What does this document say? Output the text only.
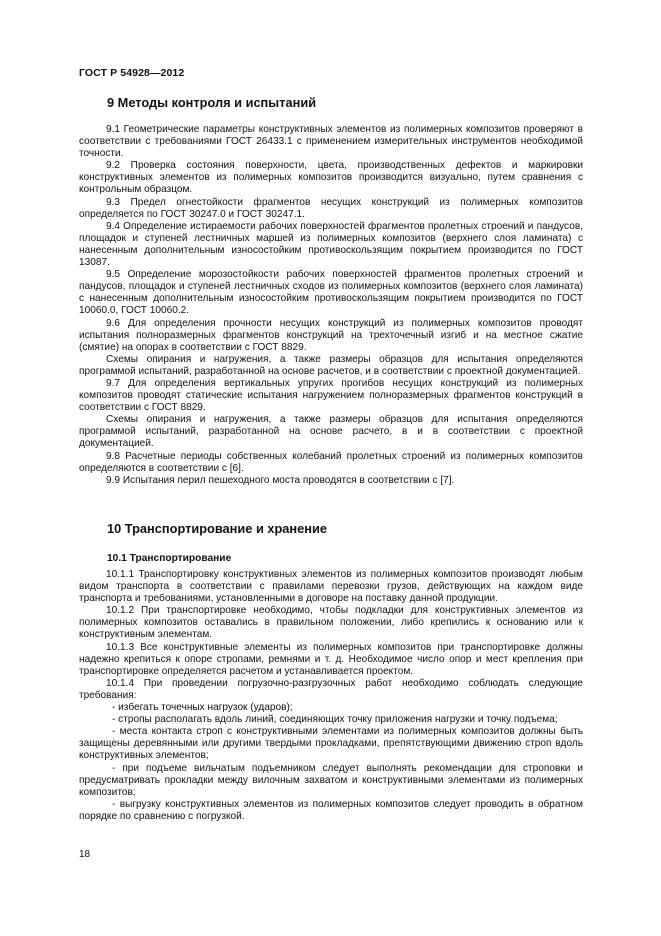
ГОСТ Р 54928—2012
9 Методы контроля и испытаний

9.1 Геометрические параметры конструктивных элементов из полимерных композитов проверяют в соответствии с требованиями ГОСТ 26433.1 с применением измерительных инструментов необходимой точности.

9.2 Проверка состояния поверхности, цвета, производственных дефектов и маркировки конструктивных элементов из полимерных композитов производится визуально, путем сравнения с контрольным образцом.

9.3 Предел огнестойкости фрагментов несущих конструкций из полимерных композитов определяется по ГОСТ 30247.0 и ГОСТ 30247.1.

9.4 Определение истираемости рабочих поверхностей фрагментов пролетных строений и пандусов, площадок и ступеней лестничных маршей из полимерных композитов (верхнего слоя ламината) с нанесенным дополнительным износостойким противоскользящим покрытием производится по ГОСТ 13087.

9.5 Определение морозостойкости рабочих поверхностей фрагментов пролетных строений и пандусов, площадок и ступеней лестничных сходов из полимерных композитов (верхнего слоя ламината) с нанесенным дополнительным износостойким противоскользящим покрытием производится по ГОСТ 10060.0, ГОСТ 10060.2.

9.6 Для определения прочности несущих конструкций из полимерных композитов проводят испытания полноразмерных фрагментов конструкций на трехточечный изгиб и на местное сжатие (смятие) на опорах в соответствии с ГОСТ 8829.

Схемы опирания и нагружения, а также размеры образцов для испытания определяются программой испытаний, разработанной на основе расчетов, и в соответствии с проектной документацией.

9.7 Для определения вертикальных упругих прогибов несущих конструкций из полимерных композитов проводят статические испытания нагружением полноразмерных фрагментов конструкций в соответствии с ГОСТ 8829.

Схемы опирания и нагружения, а также размеры образцов для испытания определяются программой испытаний, разработанной на основе расчето, в и в соответствии с проектной документацией.

9.8 Расчетные периоды собственных колебаний пролетных строений из полимерных композитов определяются в соответствии с [6].

9.9 Испытания перил пешеходного моста проводятся в соответствии с [7].

10 Транспортирование и хранение
10.1 Транспортирование

10.1.1 Транспортировку конструктивных элементов из полимерных композитов производят любым видом транспорта в соответствии с правилами перевозки грузов, действующих на каждом виде транспорта и требованиями, установленными в договоре на поставку данной продукции.

10.1.2 При транспортировке необходимо, чтобы подкладки для конструктивных элементов из полимерных композитов оставались в правильном положении, либо крепились к основанию или к конструктивным элементам.

10.1.3 Все конструктивные элементы из полимерных композитов при транспортировке должны надежно крепиться к опоре стропами, ремнями и т. д. Необходимое число опор и мест крепления при транспортировке определяется расчетом и устанавливается проектом.

10.1.4 При проведении погрузочно-разгрузочных работ необходимо соблюдать следующие требования:

- избегать точечных нагрузок (ударов);

- стропы располагать вдоль линий, соединяющих точку приложения нагрузки и точку подъема;

- места контакта строп с конструктивными элементами из полимерных композитов должны быть защищены деревянными или другими твердыми прокладками, препятствующими движению строп вдоль конструктивных элементов;

- при подъеме вильчатым подъемником следует выполнять рекомендации для строповки и предусматривать прокладки между вилочным захватом и конструктивными элементами из полимерных композитов;

- выгрузку конструктивных элементов из полимерных композитов следует проводить в обратном порядке по сравнению с погрузкой.

18
